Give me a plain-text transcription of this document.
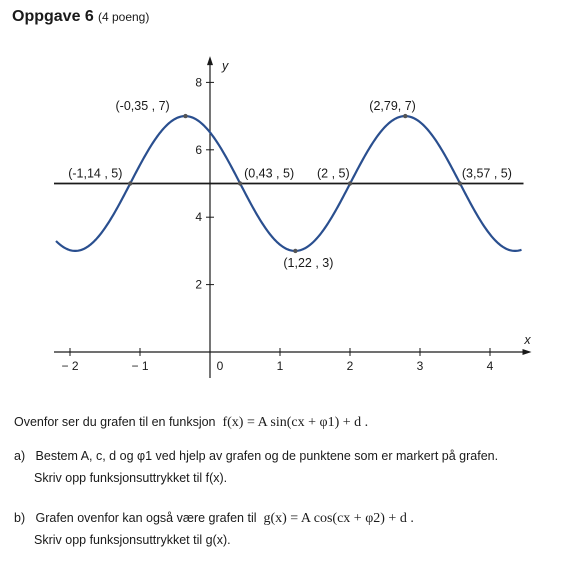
Oppgave 6 (4 poeng)
x
y
− 2	− 1	0	1	2	3	4
2
4
6
8
(-1,14 , 5)
(-0,35 , 7)
(0,43 , 5)
(1,22 , 3)
(2 , 5)
(2,79, 7)
(3,57 , 5)
Ovenfor ser du grafen til en funksjon f(x) = A sin(cx + φ1) + d .
a) Bestem A, c, d og φ1 ved hjelp av grafen og de punktene som er markert på grafen.
Skriv opp funksjonsuttrykket til f(x).
b) Grafen ovenfor kan også være grafen til g(x) = A cos(cx + φ2) + d .
Skriv opp funksjonsuttrykket til g(x).
